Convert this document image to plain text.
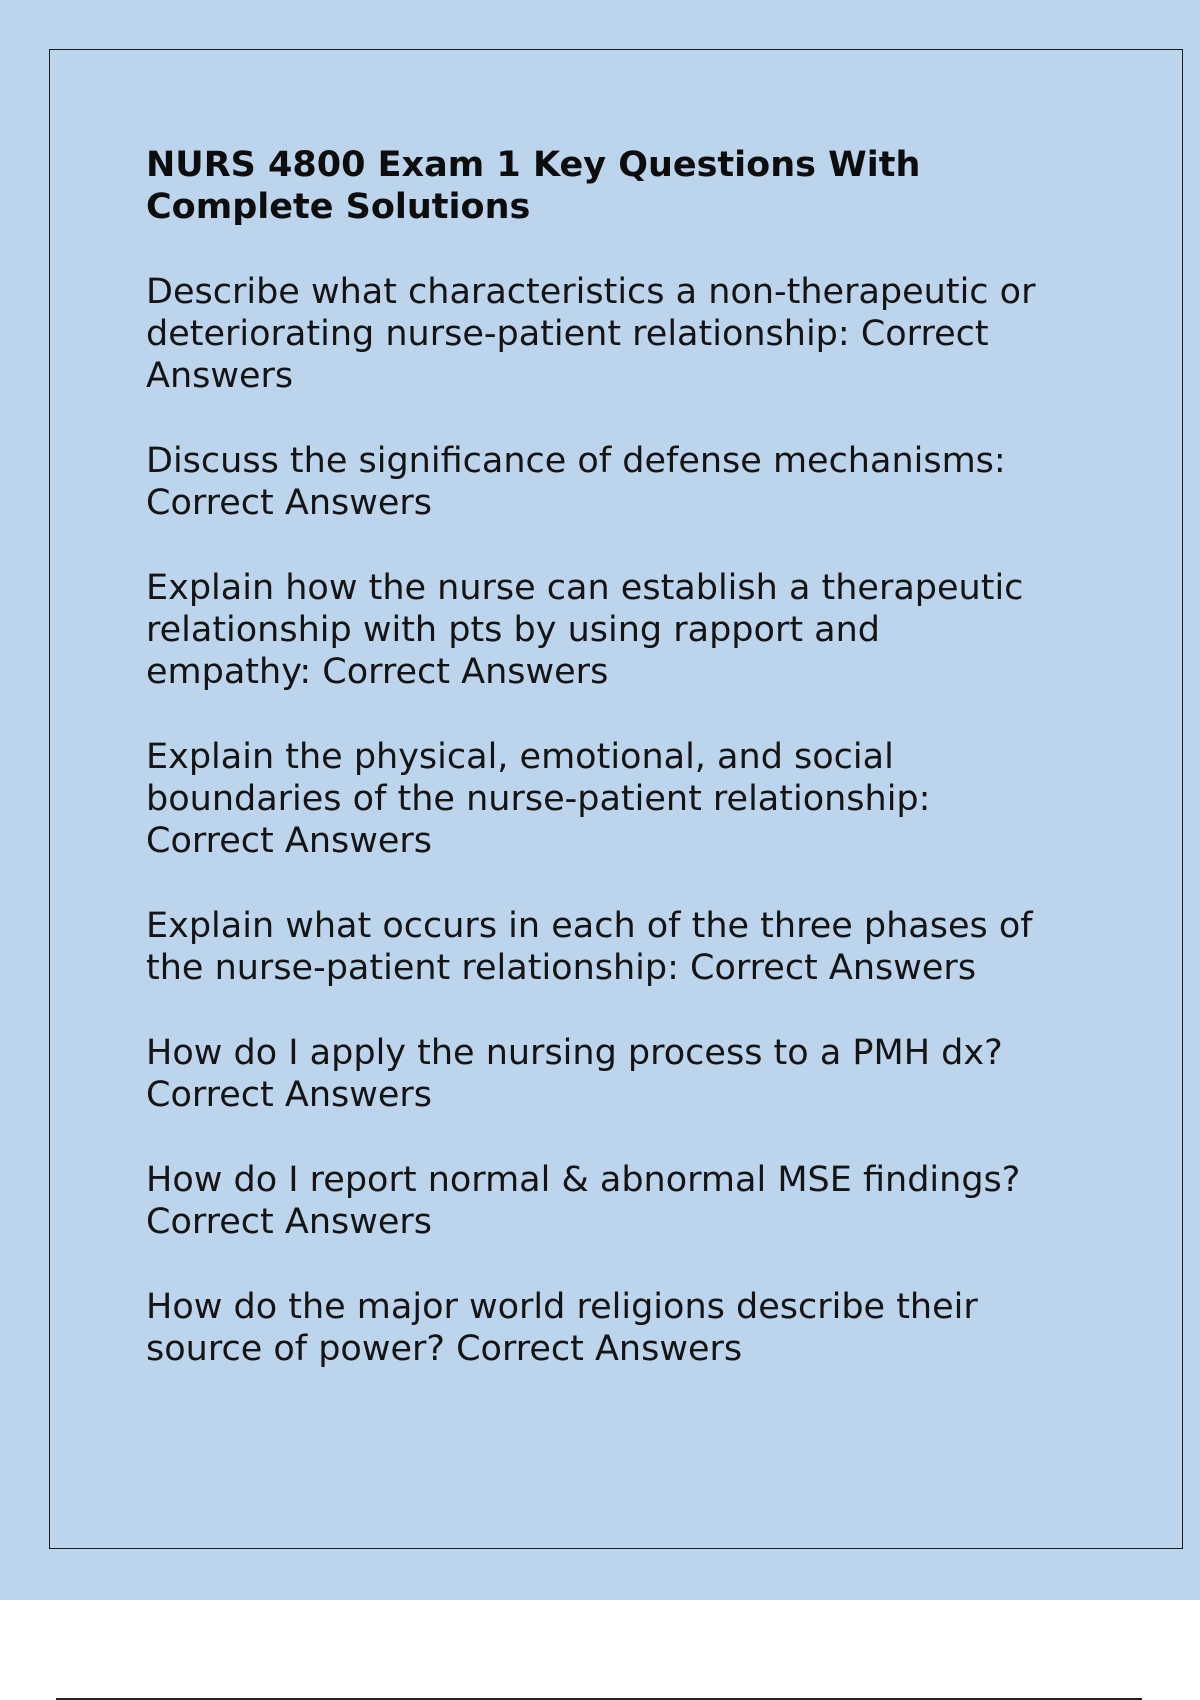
NURS 4800 Exam 1 Key Questions With
Complete Solutions
Describe what characteristics a non-therapeutic or
deteriorating nurse-patient relationship: Correct
Answers
Discuss the significance of defense mechanisms:
Correct Answers
Explain how the nurse can establish a therapeutic
relationship with pts by using rapport and
empathy: Correct Answers
Explain the physical, emotional, and social
boundaries of the nurse-patient relationship:
Correct Answers
Explain what occurs in each of the three phases of
the nurse-patient relationship: Correct Answers
How do I apply the nursing process to a PMH dx?
Correct Answers
How do I report normal & abnormal MSE findings?
Correct Answers
How do the major world religions describe their
source of power? Correct Answers
